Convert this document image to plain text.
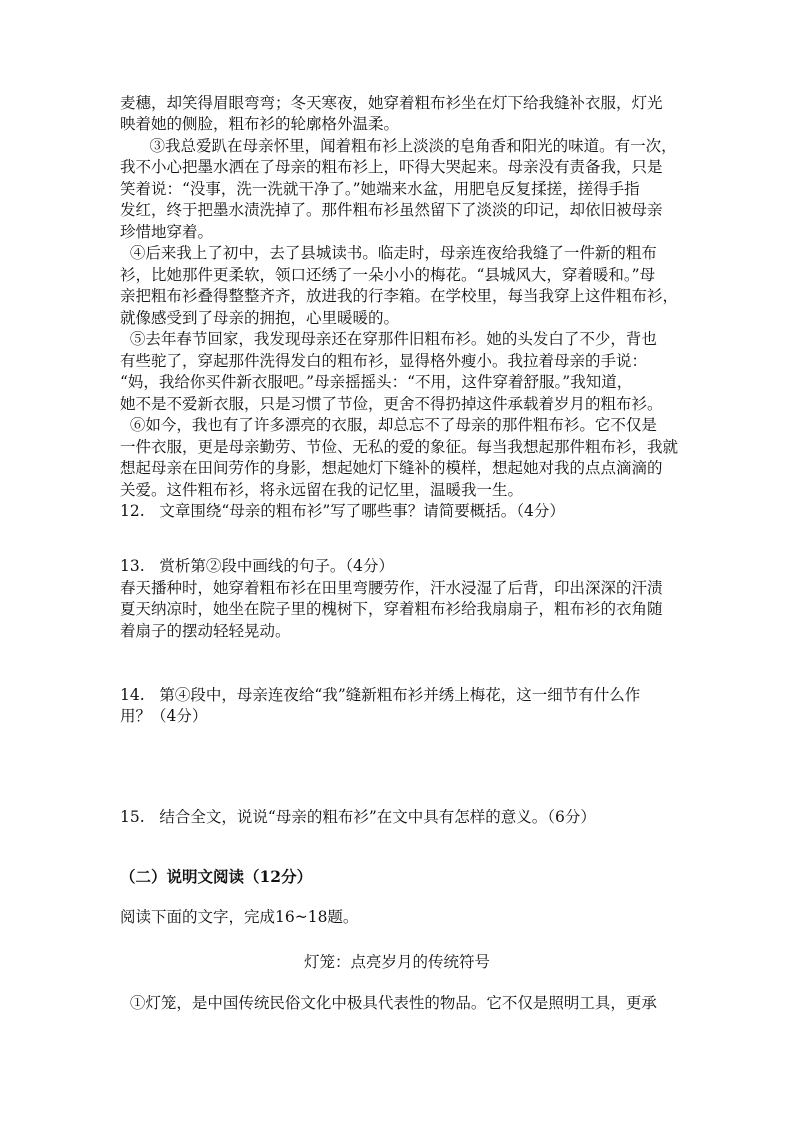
麦穗，却笑得眉眼弯弯；冬天寒夜，她穿着粗布衫坐在灯下给我缝补衣服，灯光
映着她的侧脸，粗布衫的轮廓格外温柔。
③我总爱趴在母亲怀里，闻着粗布衫上淡淡的皂角香和阳光的味道。有一次，
我不小心把墨水洒在了母亲的粗布衫上，吓得大哭起来。母亲没有责备我，只是
笑着说：“没事，洗一洗就干净了。”她端来水盆，用肥皂反复揉搓，搓得手指
发红，终于把墨水渍洗掉了。那件粗布衫虽然留下了淡淡的印记，却依旧被母亲
珍惜地穿着。
④后来我上了初中，去了县城读书。临走时，母亲连夜给我缝了一件新的粗布
衫，比她那件更柔软，领口还绣了一朵小小的梅花。“县城风大，穿着暖和。”母
亲把粗布衫叠得整整齐齐，放进我的行李箱。在学校里，每当我穿上这件粗布衫，
就像感受到了母亲的拥抱，心里暖暖的。
⑤去年春节回家，我发现母亲还在穿那件旧粗布衫。她的头发白了不少，背也
有些驼了，穿起那件洗得发白的粗布衫，显得格外瘦小。我拉着母亲的手说：
“妈，我给你买件新衣服吧。”母亲摇摇头：“不用，这件穿着舒服。”我知道，
她不是不爱新衣服，只是习惯了节俭，更舍不得扔掉这件承载着岁月的粗布衫。
⑥如今，我也有了许多漂亮的衣服，却总忘不了母亲的那件粗布衫。它不仅是
一件衣服，更是母亲勤劳、节俭、无私的爱的象征。每当我想起那件粗布衫，我就
想起母亲在田间劳作的身影，想起她灯下缝补的模样，想起她对我的点点滴滴的
关爱。这件粗布衫，将永远留在我的记忆里，温暖我一生。
12.   文章围绕“母亲的粗布衫”写了哪些事？请简要概括。（4分）
13.   赏析第②段中画线的句子。（4分）
春天播种时，她穿着粗布衫在田里弯腰劳作，汗水浸湿了后背，印出深深的汗渍
夏天纳凉时，她坐在院子里的槐树下，穿着粗布衫给我扇扇子，粗布衫的衣角随
着扇子的摆动轻轻晃动。
14.   第④段中，母亲连夜给“我”缝新粗布衫并绣上梅花，这一细节有什么作
用？（4分）
15.   结合全文，说说“母亲的粗布衫”在文中具有怎样的意义。（6分）
（二）说明文阅读（12分）
阅读下面的文字，完成16~18题。
灯笼：点亮岁月的传统符号
①灯笼，是中国传统民俗文化中极具代表性的物品。它不仅是照明工具，更承
